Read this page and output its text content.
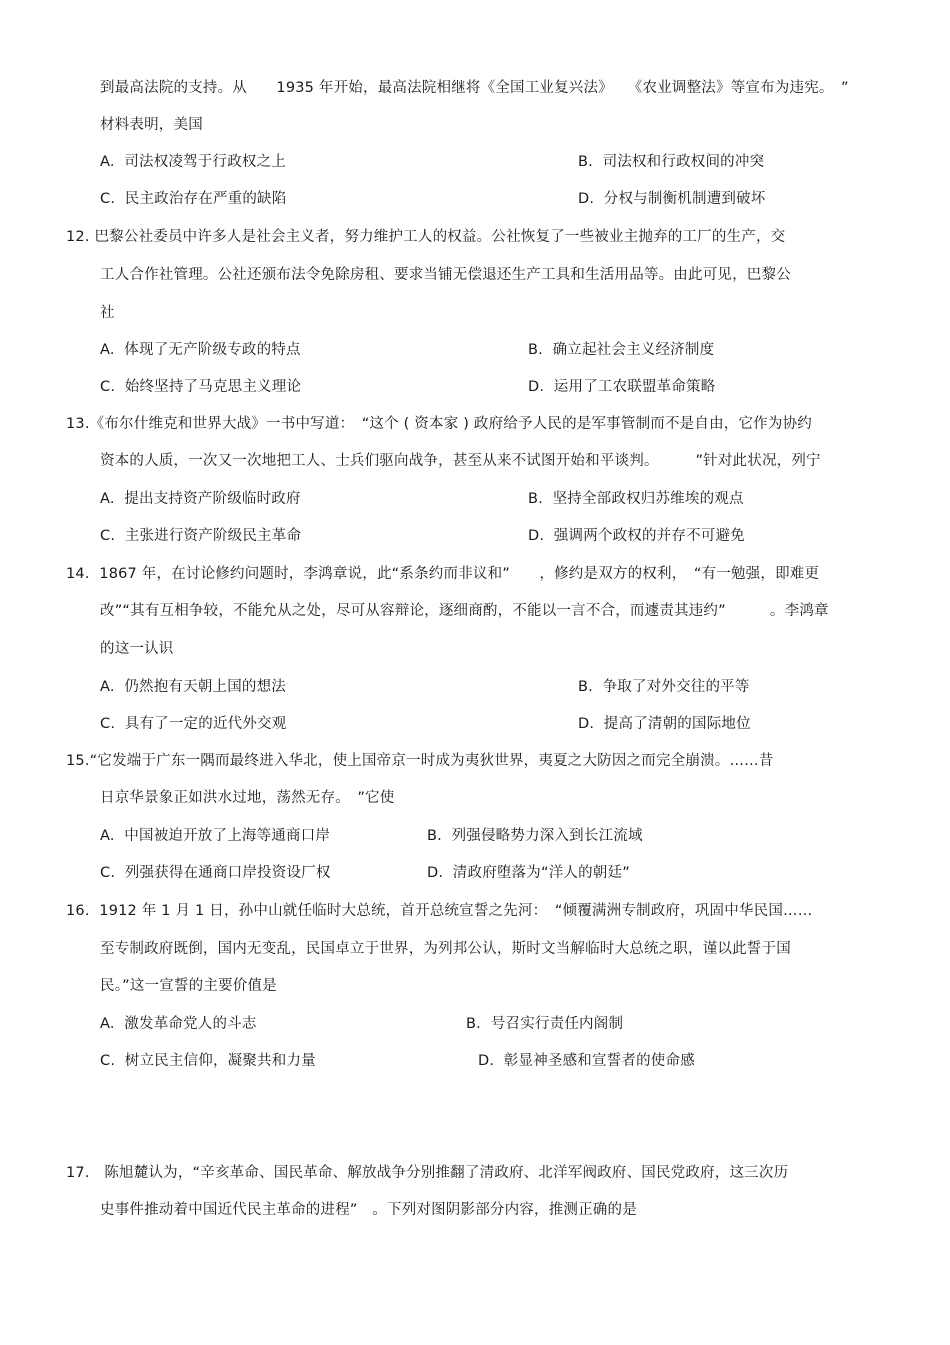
到最高法院的支持。从　　1935 年开始，最高法院相继将《全国工业复兴法》　　《农业调整法》等宣布为违宪。　”
材料表明，美国
A.  司法权凌驾于行政权之上	B.  司法权和行政权间的冲突
C.  民主政治存在严重的缺陷	D.  分权与制衡机制遭到破坏
12. 巴黎公社委员中许多人是社会主义者，努力维护工人的权益。公社恢复了一些被业主抛弃的工厂的生产，交
工人合作社管理。公社还颁布法令免除房租、要求当铺无偿退还生产工具和生活用品等。由此可见，巴黎公
社
A.  体现了无产阶级专政的特点	B.  确立起社会主义经济制度
C.  始终坚持了马克思主义理论	D.  运用了工农联盟革命策略
13.《布尔什维克和世界大战》一书中写道：　“这个 ( 资本家 ) 政府给予人民的是军事管制而不是自由，它作为协约
资本的人质，一次又一次地把工人、士兵们驱向战争，甚至从来不试图开始和平谈判。　　　”针对此状况，列宁
A.  提出支持资产阶级临时政府	B.  坚持全部政权归苏维埃的观点
C.  主张进行资产阶级民主革命	D.  强调两个政权的并存不可避免
14.  1867 年，在讨论修约问题时，李鸿章说，此“系条约而非议和”　　，修约是双方的权利，　“有一勉强，即难更
改”“其有互相争较，不能允从之处，尽可从容辩论，逐细商酌，不能以一言不合，而遽责其违约”　　　。李鸿章
的这一认识
A.  仍然抱有天朝上国的想法	B.  争取了对外交往的平等
C.  具有了一定的近代外交观	D.  提高了清朝的国际地位
15.“它发端于广东一隅而最终进入华北，使上国帝京一时成为夷狄世界，夷夏之大防因之而完全崩溃。……昔
日京华景象正如洪水过地，荡然无存。　”它使
A.  中国被迫开放了上海等通商口岸	B.  列强侵略势力深入到长江流域
C.  列强获得在通商口岸投资设厂权	D.  清政府堕落为“洋人的朝廷”
16.  1912 年 1 月 1 日，孙中山就任临时大总统，首开总统宣誓之先河：　“倾覆满洲专制政府，巩固中华民国……
至专制政府既倒，国内无变乱，民国卓立于世界，为列邦公认，斯时文当解临时大总统之职，谨以此誓于国
民。”这一宣誓的主要价值是
A.  激发革命党人的斗志	B．号召实行责任内阁制
C.  树立民主信仰，凝聚共和力量	D.  彰显神圣感和宣誓者的使命感
17.　陈旭麓认为，“辛亥革命、国民革命、解放战争分别推翻了清政府、北洋军阀政府、国民党政府，这三次历
史事件推动着中国近代民主革命的进程”　。下列对图阴影部分内容，推测正确的是
